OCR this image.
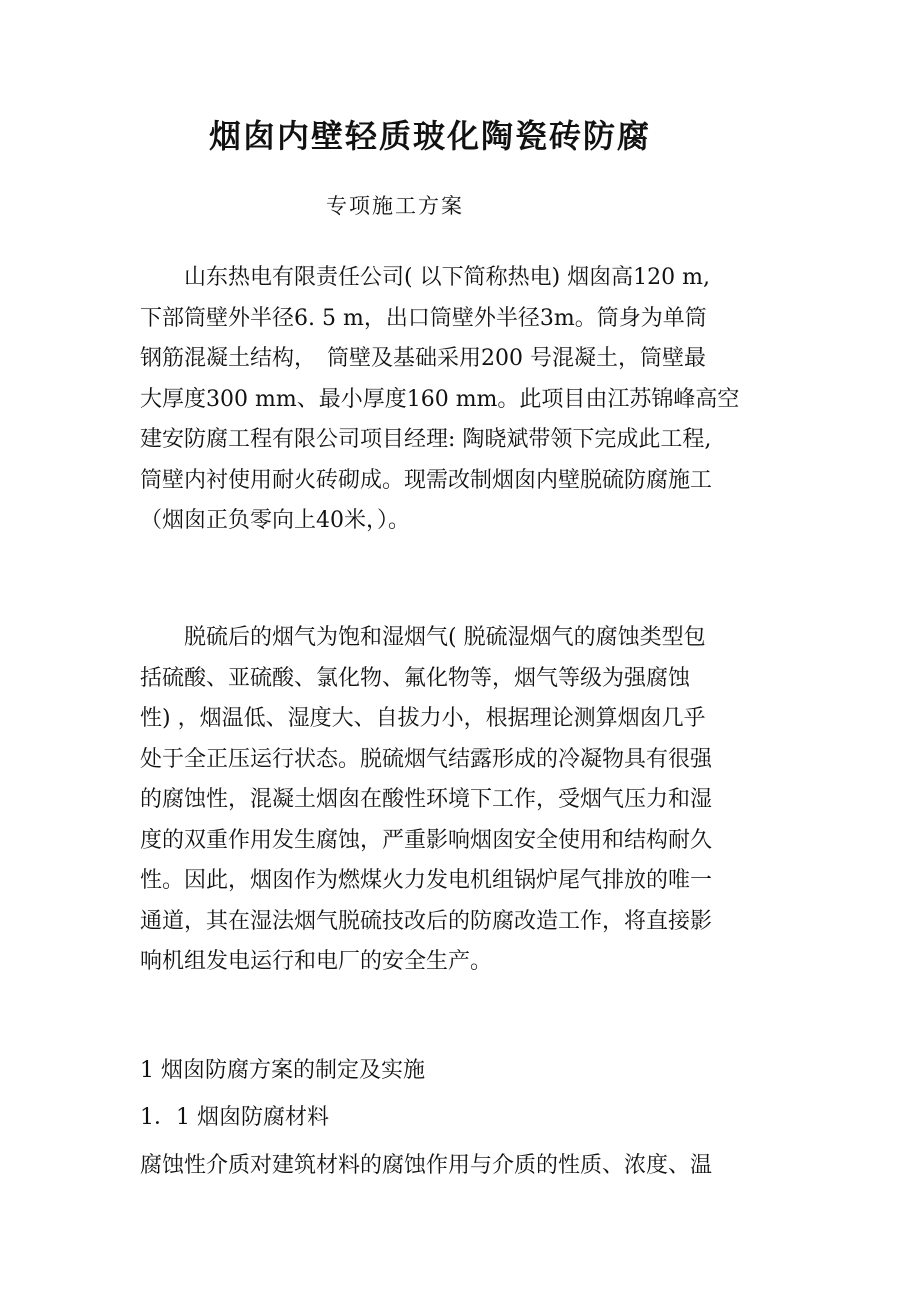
烟囱内壁轻质玻化陶瓷砖防腐
专项施工方案

　　山东热电有限责任公司( 以下简称热电) 烟囱高120 m,
下部筒壁外半径6. 5 m，出口筒壁外半径3m。筒身为单筒
钢筋混凝土结构，　筒壁及基础采用200 号混凝土，筒壁最
大厚度300 mm、最小厚度160 mm。此项目由江苏锦峰高空
建安防腐工程有限公司项目经理: 陶晓斌带领下完成此工程,
筒壁内衬使用耐火砖砌成。现需改制烟囱内壁脱硫防腐施工
（烟囱正负零向上40米，）。

　　脱硫后的烟气为饱和湿烟气( 脱硫湿烟气的腐蚀类型包
括硫酸、亚硫酸、氯化物、氟化物等，烟气等级为强腐蚀
性) ，烟温低、湿度大、自拔力小，根据理论测算烟囱几乎
处于全正压运行状态。脱硫烟气结露形成的冷凝物具有很强
的腐蚀性，混凝土烟囱在酸性环境下工作，受烟气压力和湿
度的双重作用发生腐蚀，严重影响烟囱安全使用和结构耐久
性。因此，烟囱作为燃煤火力发电机组锅炉尾气排放的唯一
通道，其在湿法烟气脱硫技改后的防腐改造工作，将直接影
响机组发电运行和电厂的安全生产。

1 烟囱防腐方案的制定及实施
1．1 烟囱防腐材料

腐蚀性介质对建筑材料的腐蚀作用与介质的性质、浓度、温
